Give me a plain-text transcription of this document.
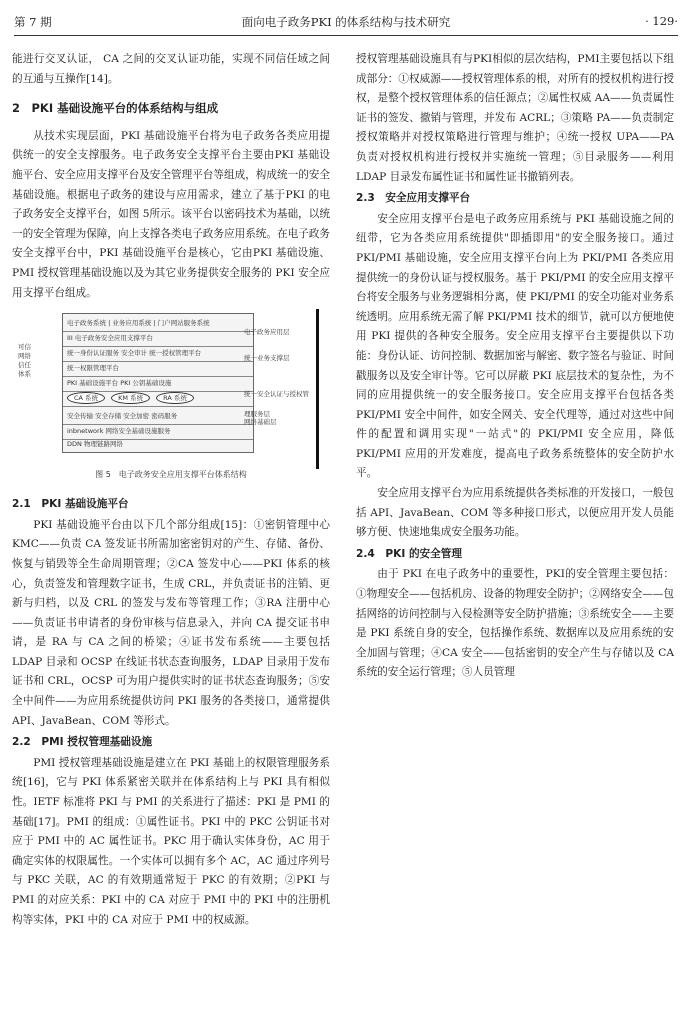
第 7 期	面向电子政务PKI 的体系结构与技术研究	· 129·

能进行交叉认证， CA 之间的交叉认证功能，实现不同信任域之间的互通与互操作[14]。

2　PKI 基础设施平台的体系结构与组成

从技术实现层面，PKI 基础设施平台将为电子政务各类应用提供统一的安全支撑服务。电子政务安全支撑平台主要由PKI 基础设施平台、安全应用支撑平台及安全管理平台等组成，构成统一的安全基础设施。根据电子政务的建设与应用需求，建立了基于PKI 的电子政务安全支撑平台，如图 5所示。该平台以密码技术为基础，以统一的安全管理为保障，向上支撑各类电子政务应用系统。在电子政务安全支撑平台中，PKI 基础设施平台是核心，它由PKI 基础设施、PMI 授权管理基础设施以及为其它业务提供安全服务的 PKI 安全应用支撑平台组成。

可信
网络
信任
体系
电子政务系统 | 业务应用系统 | 门户网站服务系统
III 电子政务安全应用支撑平台
统一身份认证服务 安全审计 统一授权管理平台
统一权限管理平台
PKI 基础设施平台 PKI 公钥基础设施
CA 系统	KM 系统	RA 系统
安全传输 安全存储 安全加密 密码服务
inbnetwork 网络安全基础设施服务
DDN 物理链路网络
电子政务应用层
统一业务支撑层
统一安全认证与授权管理服务层
网络基础层
图 5　电子政务安全应用支撑平台体系结构
2.1　PKI 基础设施平台

PKI 基础设施平台由以下几个部分组成[15]：①密钥管理中心 KMC——负责 CA 签发证书所需加密密钥对的产生、存储、备份、恢复与销毁等全生命周期管理；②CA 签发中心——PKI 体系的核心，负责签发和管理数字证书，生成 CRL，并负责证书的注销、更新与归档，以及 CRL 的签发与发布等管理工作；③RA 注册中心——负责证书申请者的身份审核与信息录入，并向 CA 提交证书申请，是 RA 与 CA 之间的桥梁；④证书发布系统——主要包括 LDAP 目录和 OCSP 在线证书状态查询服务，LDAP 目录用于发布证书和 CRL，OCSP 可为用户提供实时的证书状态查询服务；⑤安全中间件——为应用系统提供访问 PKI 服务的各类接口，通常提供 API、JavaBean、COM 等形式。

2.2　PMI 授权管理基础设施

PMI 授权管理基础设施是建立在 PKI 基础上的权限管理服务系统[16]，它与 PKI 体系紧密关联并在体系结构上与 PKI 具有相似性。IETF 标准将 PKI 与 PMI 的关系进行了描述：PKI 是 PMI 的基础[17]。PMI 的组成：①属性证书。PKI 中的 PKC 公钥证书对应于 PMI 中的 AC 属性证书。PKC 用于确认实体身份，AC 用于确定实体的权限属性。一个实体可以拥有多个 AC，AC 通过序列号与 PKC 关联，AC 的有效期通常短于 PKC 的有效期；②PKI 与 PMI 的对应关系：PKI 中的 CA 对应于 PMI 中的 PKI 中的注册机构等实体，PKI 中的 CA 对应于 PMI 中的权威源。

授权管理基础设施具有与PKI相似的层次结构，PMI主要包括以下组成部分：①权威源——授权管理体系的根，对所有的授权机构进行授权，是整个授权管理体系的信任源点；②属性权威 AA——负责属性证书的签发、撤销与管理，并发布 ACRL；③策略 PA——负责制定授权策略并对授权策略进行管理与维护；④统一授权 UPA——PA 负责对授权机构进行授权并实施统一管理；⑤目录服务——利用 LDAP 目录发布属性证书和属性证书撤销列表。

2.3　安全应用支撑平台

安全应用支撑平台是电子政务应用系统与 PKI 基础设施之间的纽带，它为各类应用系统提供"即插即用"的安全服务接口。通过 PKI/PMI 基础设施，安全应用支撑平台向上为 PKI/PMI 各类应用提供统一的身份认证与授权服务。基于 PKI/PMI 的安全应用支撑平台将安全服务与业务逻辑相分离，使 PKI/PMI 的安全功能对业务系统透明。应用系统无需了解 PKI/PMI 技术的细节，就可以方便地使用 PKI 提供的各种安全服务。安全应用支撑平台主要提供以下功能：身份认证、访问控制、数据加密与解密、数字签名与验证、时间戳服务以及安全审计等。它可以屏蔽 PKI 底层技术的复杂性，为不同的应用提供统一的安全服务接口。安全应用支撑平台包括各类 PKI/PMI 安全中间件，如安全网关、安全代理等，通过对这些中间件的配置和调用实现"一站式"的 PKI/PMI 安全应用，降低 PKI/PMI 应用的开发难度，提高电子政务系统整体的安全防护水平。

安全应用支撑平台为应用系统提供各类标准的开发接口，一般包括 API、JavaBean、COM 等多种接口形式，以便应用开发人员能够方便、快速地集成安全服务功能。

2.4　PKI 的安全管理

由于 PKI 在电子政务中的重要性，PKI的安全管理主要包括：①物理安全——包括机房、设备的物理安全防护；②网络安全——包括网络的访问控制与入侵检测等安全防护措施；③系统安全——主要是 PKI 系统自身的安全，包括操作系统、数据库以及应用系统的安全加固与管理；④CA 安全——包括密钥的安全产生与存储以及 CA 系统的安全运行管理；⑤人员管理
